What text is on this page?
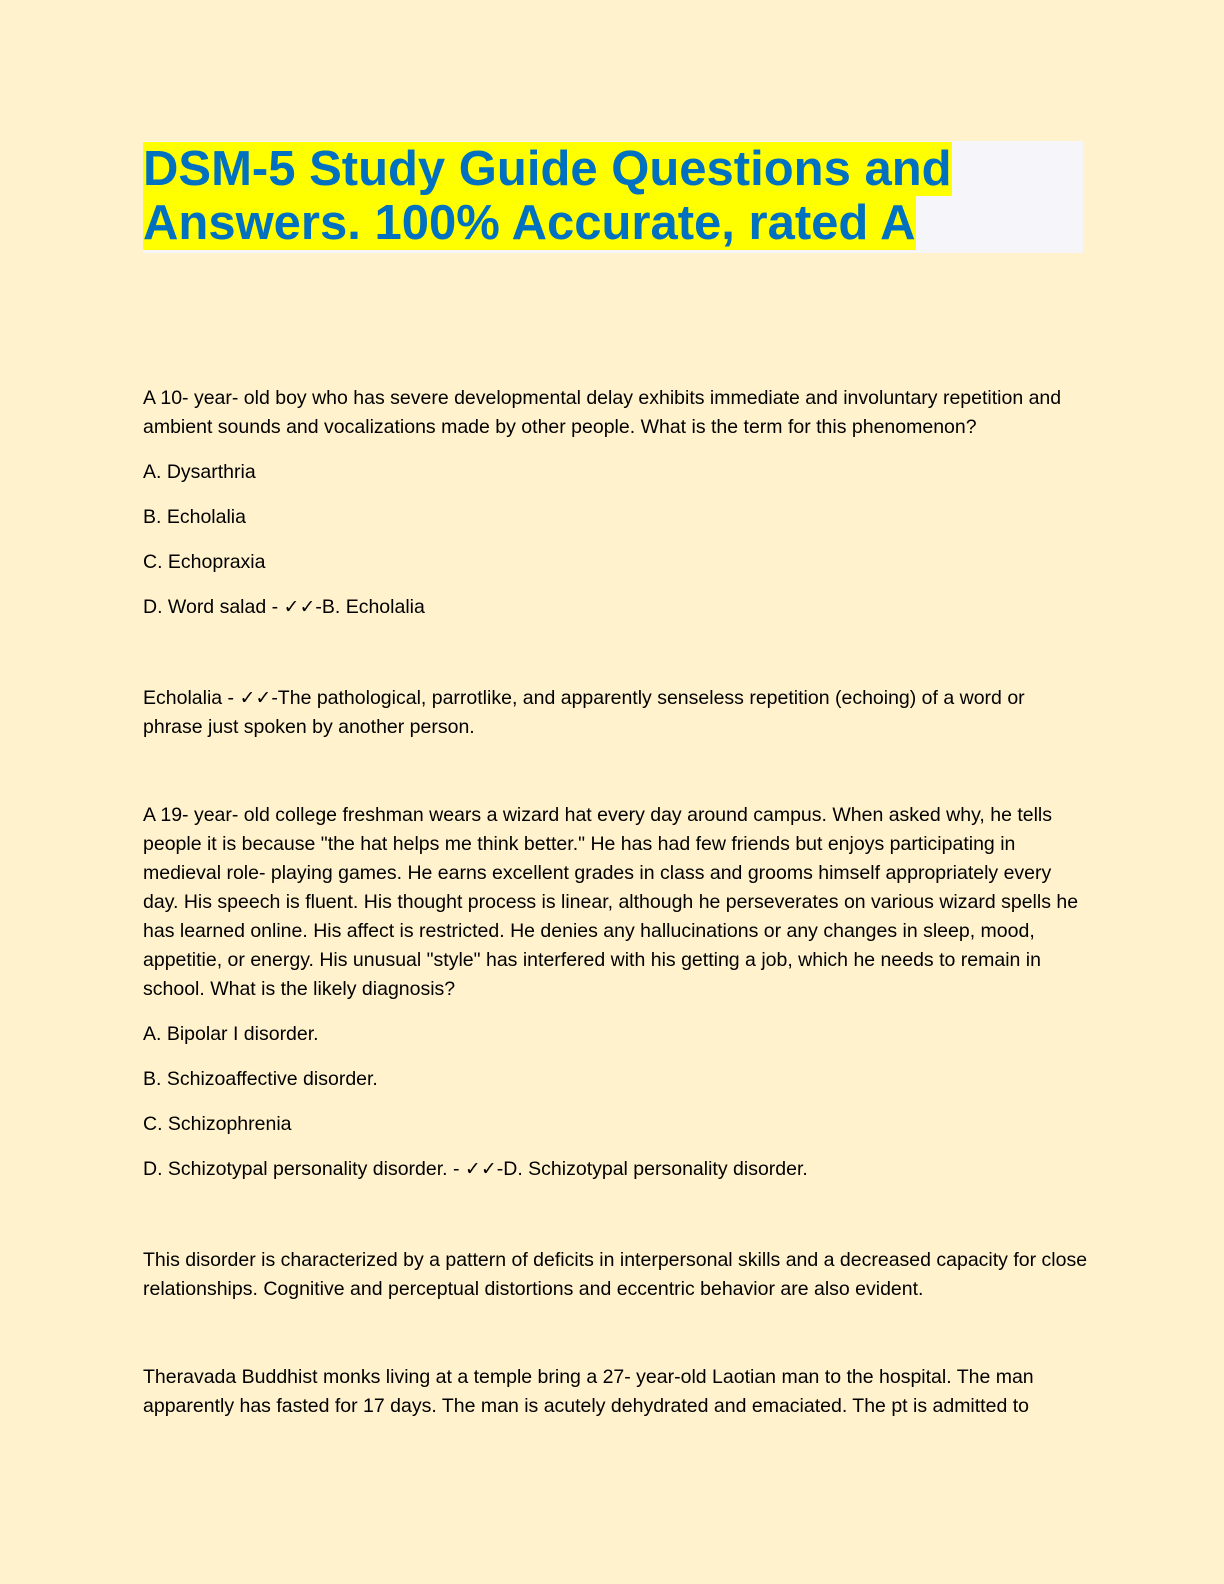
DSM-5 Study Guide Questions and
Answers. 100% Accurate, rated A

A 10- year- old boy who has severe developmental delay exhibits immediate and involuntary repetition and ambient sounds and vocalizations made by other people. What is the term for this phenomenon?

A. Dysarthria

B. Echolalia

C. Echopraxia

D. Word salad - ✓✓-B. Echolalia

Echolalia - ✓✓-The pathological, parrotlike, and apparently senseless repetition (echoing) of a word or phrase just spoken by another person.

A 19- year- old college freshman wears a wizard hat every day around campus. When asked why, he tells people it is because "the hat helps me think better." He has had few friends but enjoys participating in medieval role- playing games. He earns excellent grades in class and grooms himself appropriately every day. His speech is fluent. His thought process is linear, although he perseverates on various wizard spells he has learned online. His affect is restricted. He denies any hallucinations or any changes in sleep, mood, appetitie, or energy. His unusual "style" has interfered with his getting a job, which he needs to remain in school. What is the likely diagnosis?

A. Bipolar I disorder.

B. Schizoaffective disorder.

C. Schizophrenia

D. Schizotypal personality disorder. - ✓✓-D. Schizotypal personality disorder.

This disorder is characterized by a pattern of deficits in interpersonal skills and a decreased capacity for close relationships. Cognitive and perceptual distortions and eccentric behavior are also evident.

Theravada Buddhist monks living at a temple bring a 27- year-old Laotian man to the hospital. The man apparently has fasted for 17 days. The man is acutely dehydrated and emaciated. The pt is admitted to
